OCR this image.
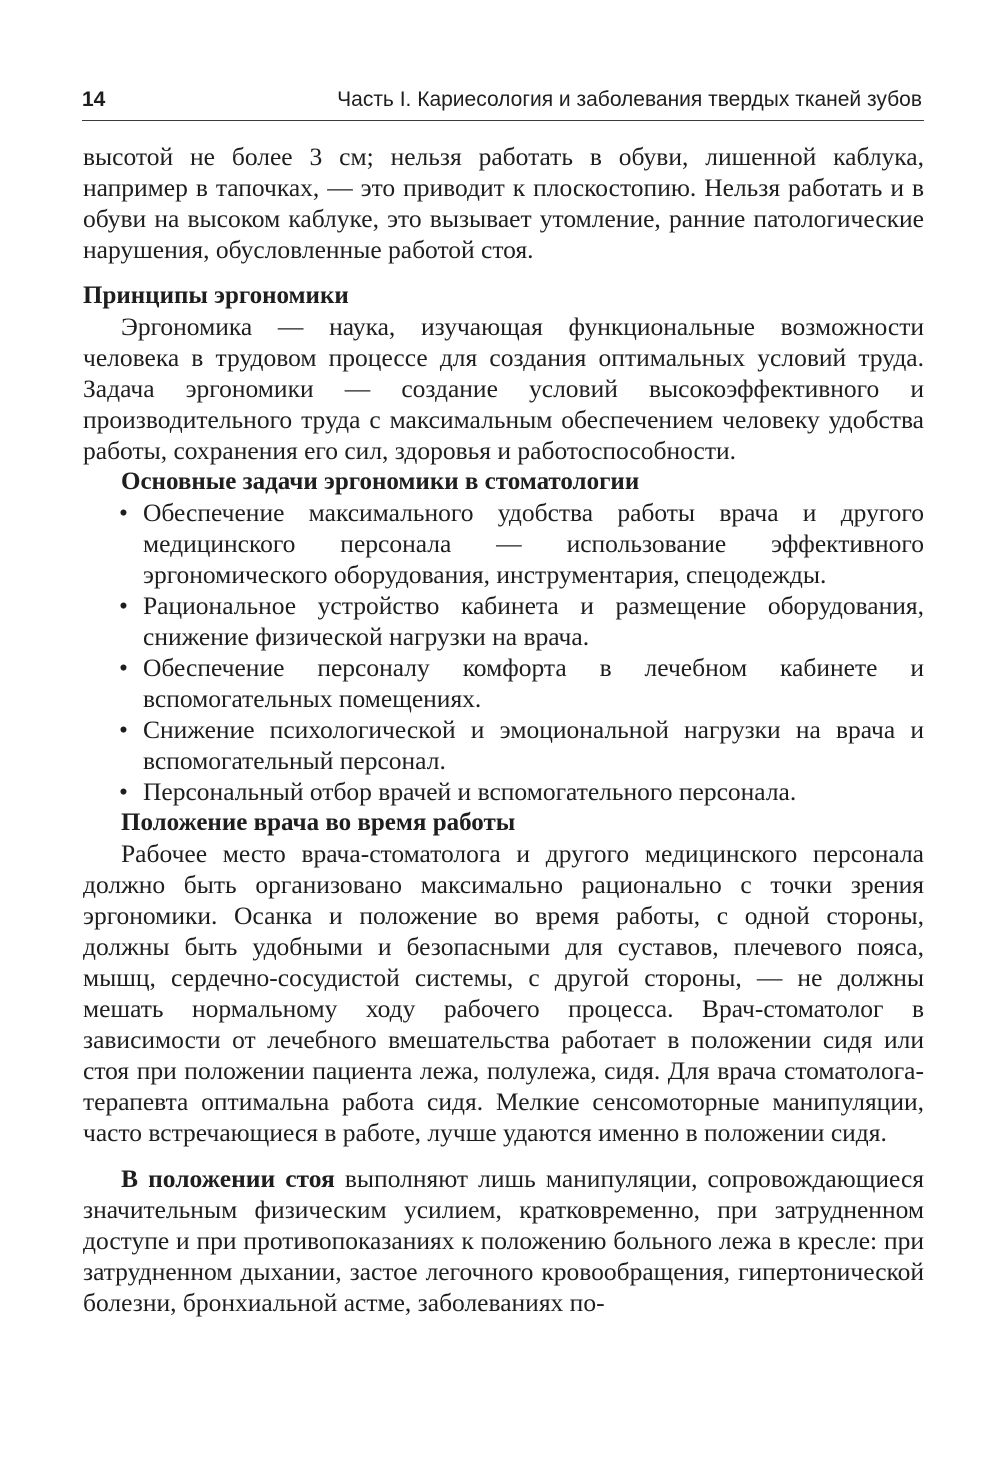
14	Часть I. Кариесология и заболевания твердых тканей зубов

высотой не более 3 см; нельзя работать в обуви, лишенной каблука, например в тапочках, — это приводит к плоскостопию. Нельзя работать и в обуви на высоком каблуке, это вызывает утомление, ранние патологические нарушения, обусловленные работой стоя.

Принципы эргономики

Эргономика — наука, изучающая функциональные возможности человека в трудовом процессе для создания оптимальных условий труда. Задача эргономики — создание условий высокоэффективного и производительного труда с максимальным обеспечением человеку удобства работы, сохранения его сил, здоровья и работоспособности.

Основные задачи эргономики в стоматологии
• Обеспечение максимального удобства работы врача и другого медицинского персонала — использование эффективного эргономического оборудования, инструментария, спецодежды.
• Рациональное устройство кабинета и размещение оборудования, снижение физической нагрузки на врача.
• Обеспечение персоналу комфорта в лечебном кабинете и вспомогательных помещениях.
• Снижение психологической и эмоциональной нагрузки на врача и вспомогательный персонал.
• Персональный отбор врачей и вспомогательного персонала.
Положение врача во время работы

Рабочее место врача-стоматолога и другого медицинского персонала должно быть организовано максимально рационально с точки зрения эргономики. Осанка и положение во время работы, с одной стороны, должны быть удобными и безопасными для суставов, плечевого пояса, мышц, сердечно-сосудистой системы, с другой стороны, — не должны мешать нормальному ходу рабочего процесса. Врач-стоматолог в зависимости от лечебного вмешательства работает в положении сидя или стоя при положении пациента лежа, полулежа, сидя. Для врача стоматолога-терапевта оптимальна работа сидя. Мелкие сенсомоторные манипуляции, часто встречающиеся в работе, лучше удаются именно в положении сидя.

В положении стоя выполняют лишь манипуляции, сопровождающиеся значительным физическим усилием, кратковременно, при затрудненном доступе и при противопоказаниях к положению больного лежа в кресле: при затрудненном дыхании, застое легочного кровообращения, гипертонической болезни, бронхиальной астме, заболеваниях по-
